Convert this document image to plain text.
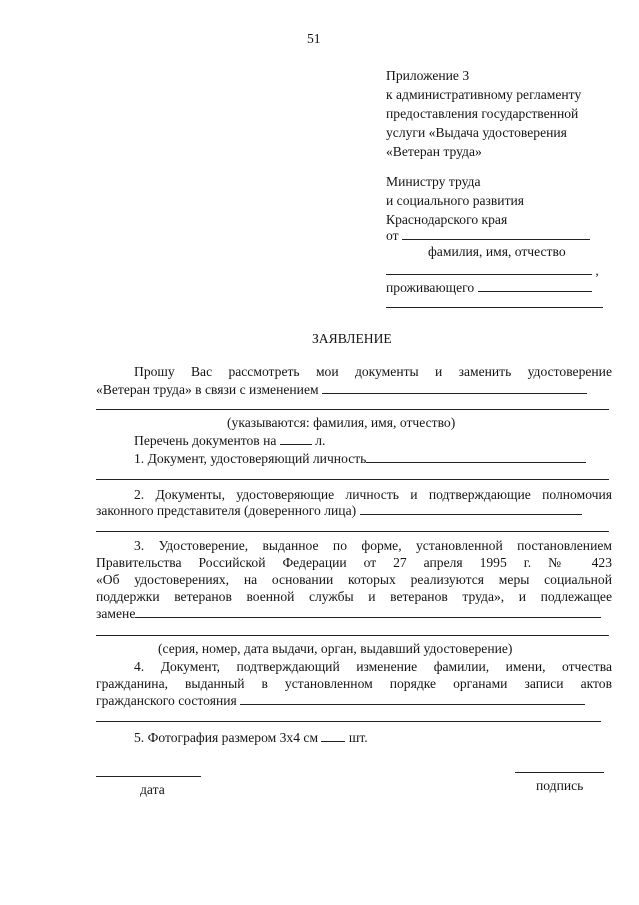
51
Приложение 3
к административному регламенту
предоставления государственной
услуги «Выдача удостоверения
«Ветеран труда»
Министру труда
и социального развития
Краснодарского края
от
фамилия, имя, отчество
,
проживающего
ЗАЯВЛЕНИЕ
Прошу Вас рассмотреть мои документы и заменить удостоверение
«Ветеран труда» в связи с изменением
(указываются: фамилия, имя, отчество)
Перечень документов на	л.
1. Документ, удостоверяющий личность
2. Документы, удостоверяющие личность и подтверждающие полномочия
законного представителя (доверенного лица)
3. Удостоверение, выданное по форме, установленной постановлением
Правительства Российской Федерации от 27 апреля 1995 г. № 423
«Об удостоверениях, на основании которых реализуются меры социальной
поддержки ветеранов военной службы и ветеранов труда», и подлежащее
замене
(серия, номер, дата выдачи, орган, выдавший удостоверение)
4. Документ, подтверждающий изменение фамилии, имени, отчества
гражданина, выданный в установленном порядке органами записи актов
гражданского состояния
5. Фотография размером 3х4 см шт.
дата	подпись
